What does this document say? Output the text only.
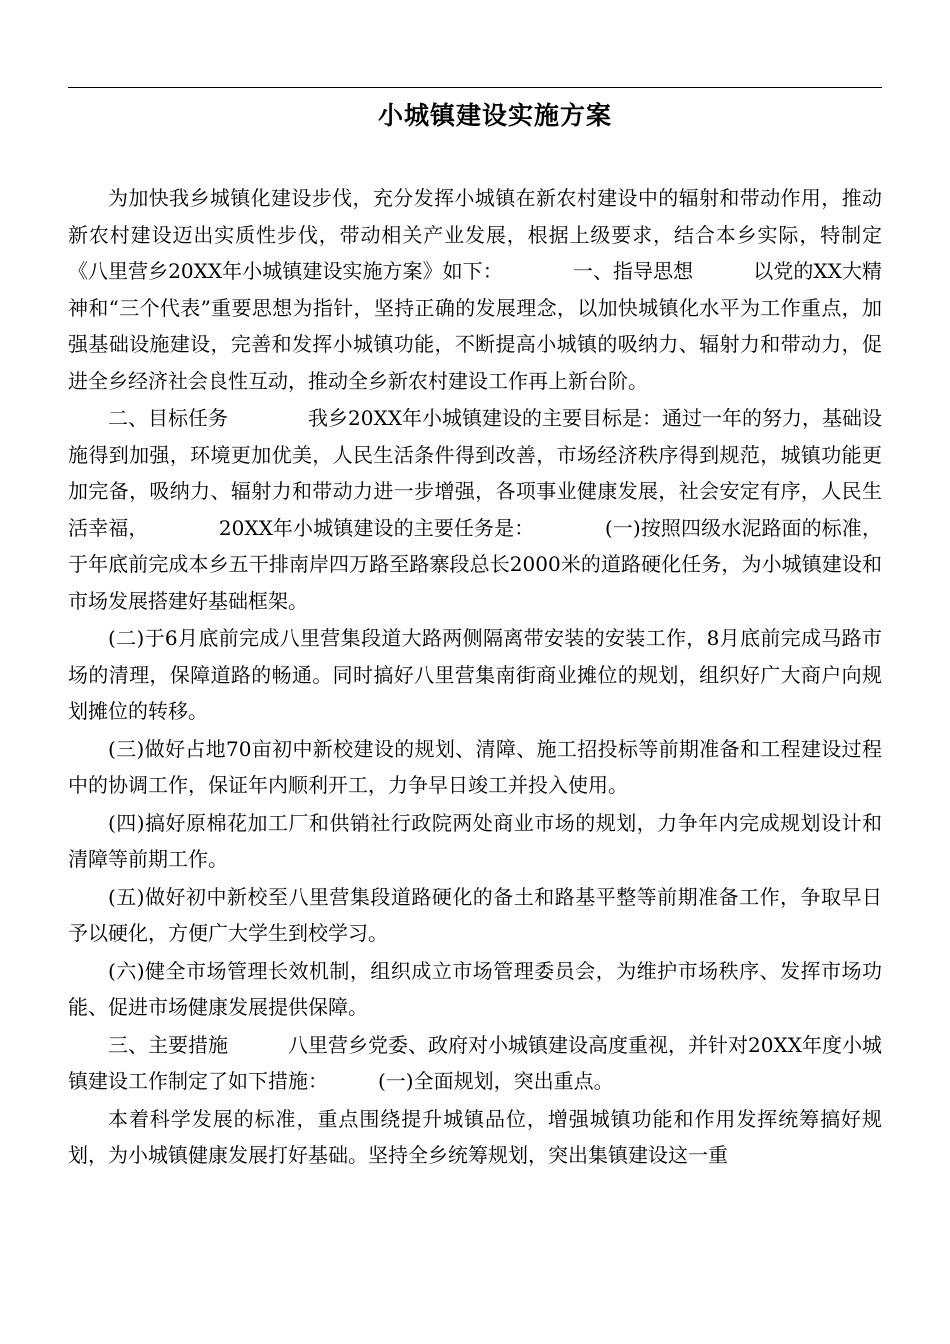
小城镇建设实施方案

为加快我乡城镇化建设步伐，充分发挥小城镇在新农村建设中的辐射和带动作用，推动新农村建设迈出实质性步伐，带动相关产业发展，根据上级要求，结合本乡实际，特制定《八里营乡20XX年小城镇建设实施方案》如下：　　　　一、指导思想　　　以党的XX大精神和“三个代表”重要思想为指针，坚持正确的发展理念，以加快城镇化水平为工作重点，加强基础设施建设，完善和发挥小城镇功能，不断提高小城镇的吸纳力、辐射力和带动力，促进全乡经济社会良性互动，推动全乡新农村建设工作再上新台阶。

二、目标任务　　　　我乡20XX年小城镇建设的主要目标是：通过一年的努力，基础设施得到加强，环境更加优美，人民生活条件得到改善，市场经济秩序得到规范，城镇功能更加完备，吸纳力、辐射力和带动力进一步增强，各项事业健康发展，社会安定有序，人民生活幸福，　　　　20XX年小城镇建设的主要任务是：　　　　(一)按照四级水泥路面的标准，于年底前完成本乡五干排南岸四万路至路寨段总长2000米的道路硬化任务，为小城镇建设和市场发展搭建好基础框架。

(二)于6月底前完成八里营集段道大路两侧隔离带安装的安装工作，8月底前完成马路市场的清理，保障道路的畅通。同时搞好八里营集南街商业摊位的规划，组织好广大商户向规划摊位的转移。

(三)做好占地70亩初中新校建设的规划、清障、施工招投标等前期准备和工程建设过程中的协调工作，保证年内顺利开工，力争早日竣工并投入使用。

(四)搞好原棉花加工厂和供销社行政院两处商业市场的规划，力争年内完成规划设计和清障等前期工作。

(五)做好初中新校至八里营集段道路硬化的备土和路基平整等前期准备工作，争取早日予以硬化，方便广大学生到校学习。

(六)健全市场管理长效机制，组织成立市场管理委员会，为维护市场秩序、发挥市场功能、促进市场健康发展提供保障。

三、主要措施　　　八里营乡党委、政府对小城镇建设高度重视，并针对20XX年度小城镇建设工作制定了如下措施：　　　(一)全面规划，突出重点。

本着科学发展的标准，重点围绕提升城镇品位，增强城镇功能和作用发挥统筹搞好规划，为小城镇健康发展打好基础。坚持全乡统筹规划，突出集镇建设这一重
